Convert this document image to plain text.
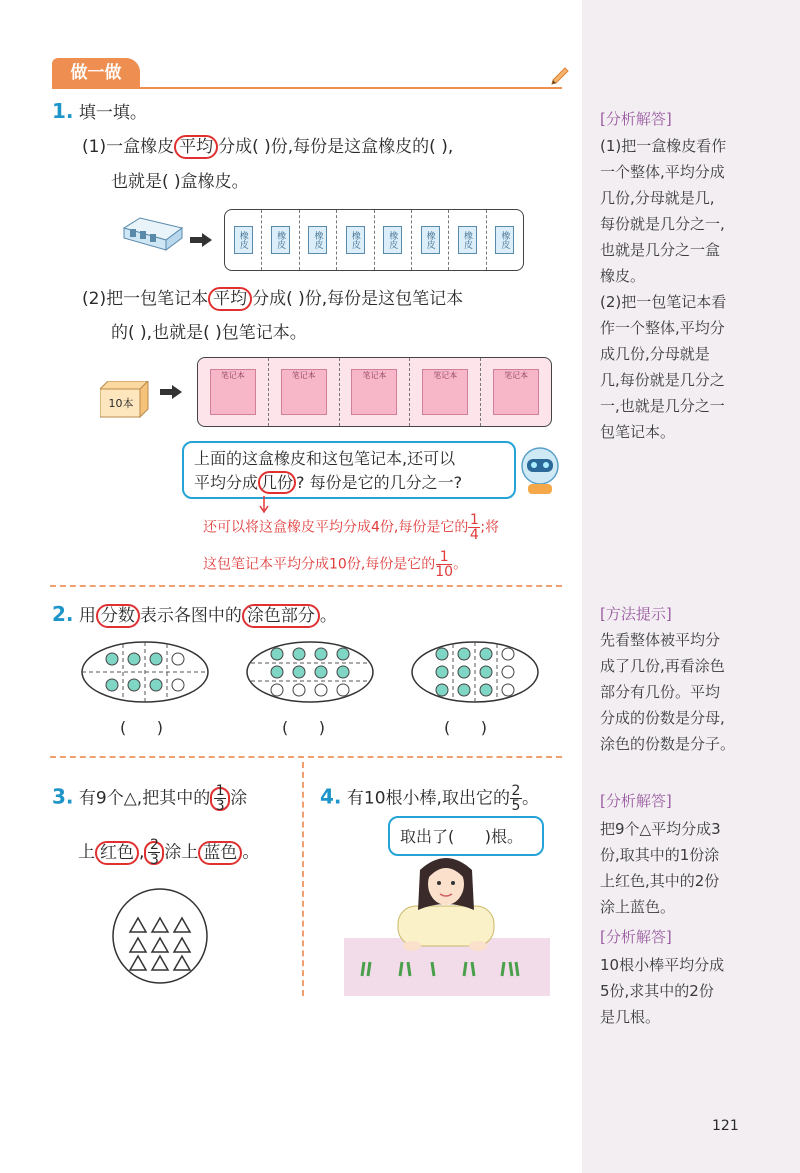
[分析解答]
(1)把一盒橡皮看作
一个整体,平均分成
几份,分母就是几,
每份就是几分之一,
也就是几分之一盒
橡皮。
(2)把一包笔记本看
作一个整体,平均分
成几份,分母就是
几,每份就是几分之
一,也就是几分之一
包笔记本。
[方法提示]
先看整体被平均分
成了几份,再看涂色
部分有几份。平均
分成的份数是分母,
涂色的份数是分子。
[分析解答]
把9个△平均分成3
份,取其中的1份涂
上红色,其中的2份
涂上蓝色。
[分析解答]
10根小棒平均分成
5份,求其中的2份
是几根。
121
做一做
1. 填一填。
(1)一盒橡皮 平均 分成( )份,每份是这盒橡皮的( ),
也就是( )盒橡皮。
橡皮	橡皮	橡皮	橡皮	橡皮	橡皮	橡皮	橡皮
(2)把一包笔记本 平均 分成( )份,每份是这包笔记本
的( ),也就是( )包笔记本。
10本
笔记本	笔记本	笔记本	笔记本	笔记本
上面的这盒橡皮和这包笔记本,还可以
平均分成 几份 ? 每份是它的几分之一?
还可以将这盒橡皮平均分成4份,每份是它的 $\frac{1}{4}$ ;将
这包笔记本平均分成10份,每份是它的 $\frac{1}{10}$ 。
2. 用 分数 表示各图中的 涂色部分 。
(      )	(      )	(      )
3. 有9个△,把其中的 $\frac{1}{3}$ 涂
上 红色 , $\frac{2}{3}$ 涂上 蓝色 。
4. 有10根小棒,取出它的 $\frac{2}{5}$ 。
取出了(      )根。
